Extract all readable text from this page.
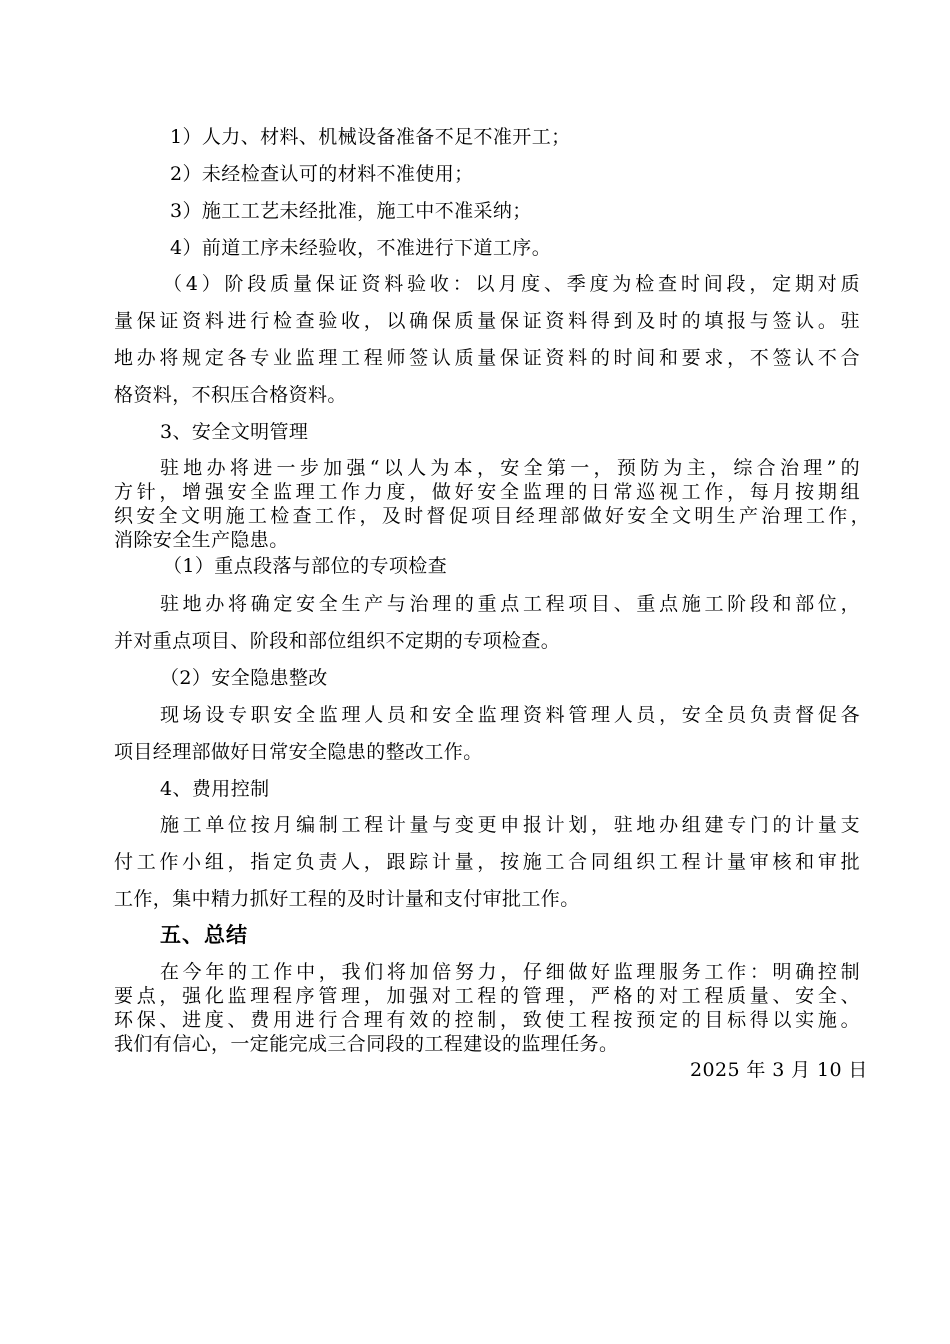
1）人力、材料、机械设备准备不足不准开工；
2）未经检查认可的材料不准使用；
3）施工工艺未经批准，施工中不准采纳；
4）前道工序未经验收，不准进行下道工序。
（4）阶段质量保证资料验收：以月度、季度为检查时间段，定期对质
量保证资料进行检查验收，以确保质量保证资料得到及时的填报与签认。驻
地办将规定各专业监理工程师签认质量保证资料的时间和要求，不签认不合
格资料，不积压合格资料。
3、安全文明管理
驻地办将进一步加强“以人为本，安全第一，预防为主，综合治理”的
方针，增强安全监理工作力度，做好安全监理的日常巡视工作，每月按期组
织安全文明施工检查工作，及时督促项目经理部做好安全文明生产治理工作，
消除安全生产隐患。
（1）重点段落与部位的专项检查
驻地办将确定安全生产与治理的重点工程项目、重点施工阶段和部位，
并对重点项目、阶段和部位组织不定期的专项检查。
（2）安全隐患整改
现场设专职安全监理人员和安全监理资料管理人员，安全员负责督促各
项目经理部做好日常安全隐患的整改工作。
4、费用控制
施工单位按月编制工程计量与变更申报计划，驻地办组建专门的计量支
付工作小组，指定负责人，跟踪计量，按施工合同组织工程计量审核和审批
工作，集中精力抓好工程的及时计量和支付审批工作。
五、总结
在今年的工作中，我们将加倍努力，仔细做好监理服务工作：明确控制
要点，强化监理程序管理，加强对工程的管理，严格的对工程质量、安全、
环保、进度、费用进行合理有效的控制，致使工程按预定的目标得以实施。
我们有信心，一定能完成三合同段的工程建设的监理任务。
2025 年 3 月 10 日
